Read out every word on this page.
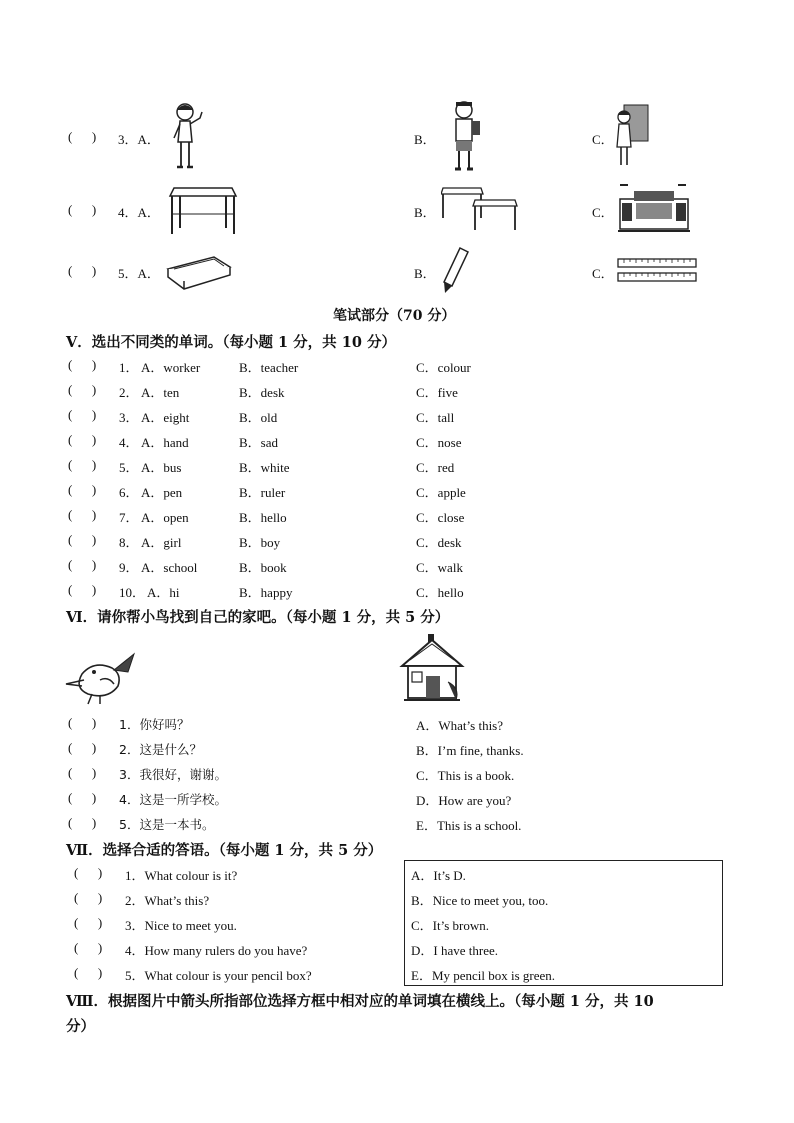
(      ) 3．A．	B．	C．
(      ) 4．A．	B．	C．
(      ) 5．A．	B．	C．
笔试部分（70 分）
Ⅴ．选出不同类的单词。（每小题 1 分，共 10 分）
(      ) 1． A．worker	B．teacher	C．colour
(      ) 2． A．ten	B．desk	C．five
(      ) 3． A．eight	B．old	C．tall
(      ) 4． A．hand	B．sad	C．nose
(      ) 5． A．bus	B．white	C．red
(      ) 6． A．pen	B．ruler	C．apple
(      ) 7． A．open	B．hello	C．close
(      ) 8． A．girl	B．boy	C．desk
(      ) 9． A．school	B．book	C．walk
(      ) 10． A．hi	B．happy	C．hello
Ⅵ．请你帮小鸟找到自己的家吧。（每小题 1 分，共 5 分）
(      ) 1．你好吗？
(      ) 2．这是什么？
(      ) 3．我很好，谢谢。
(      ) 4．这是一所学校。
(      ) 5．这是一本书。
A．What’s this?
B．I’m fine, thanks.
C．This is a book.
D．How are you?
E．This is a school.
Ⅶ．选择合适的答语。（每小题 1 分，共 5 分）
(      ) 1．What colour is it?
(      ) 2．What’s this?
(      ) 3．Nice to meet you.
(      ) 4．How many rulers do you have?
(      ) 5．What colour is your pencil box?
A．It’s D.
B．Nice to meet you, too.
C．It’s brown.
D．I have three.
E．My pencil box is green.
Ⅷ．根据图片中箭头所指部位选择方框中相对应的单词填在横线上。（每小题 1 分，共 10
分）
